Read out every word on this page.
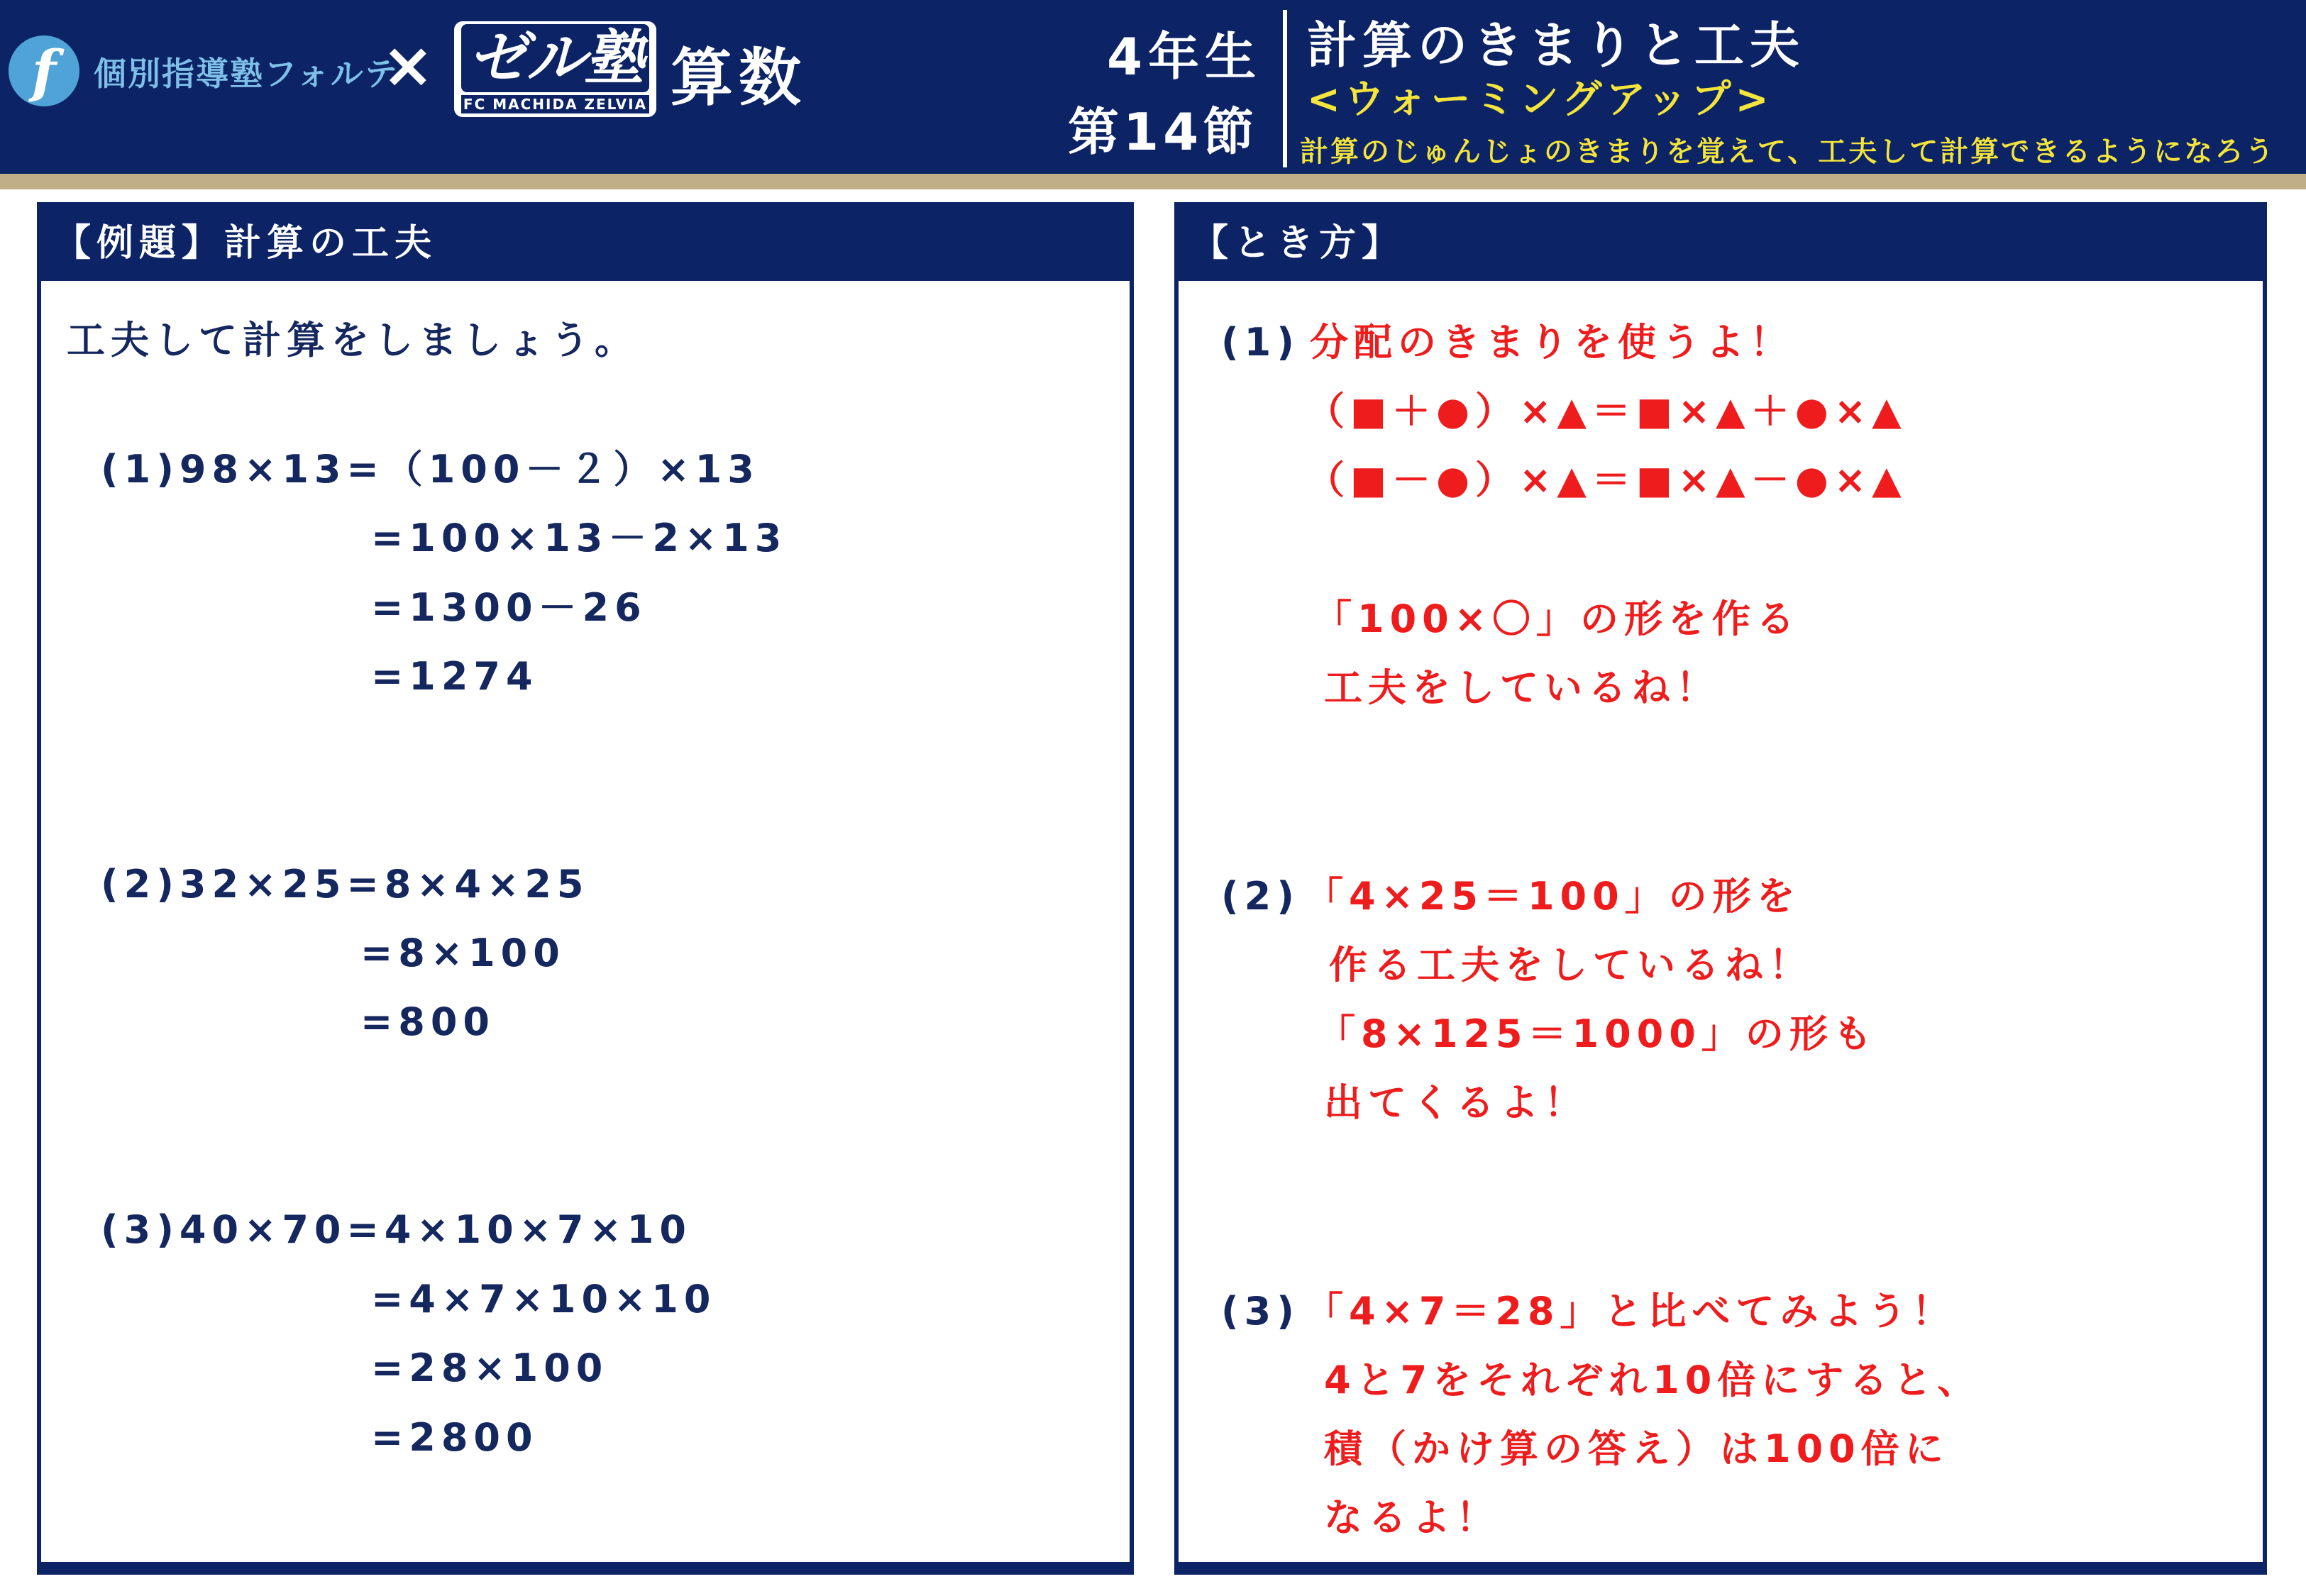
f 個別指導塾フォルテ
× ゼル塾
FC MACHIDA ZELVIA 算数	4年生
第14節
計算のきまりと工夫
<ウォーミングアップ>
計算のじゅんじょのきまりを覚えて、工夫して計算できるようになろう
【例題】計算の工夫
工夫して計算をしましょう。
(1)98×13=（100－２）×13
=100×13－2×13
=1300－26
=1274
(2)32×25=8×4×25
=8×100
=800
(3)40×70=4×10×7×10
=4×7×10×10
=28×100
=2800
【とき方】
(1) 分配のきまりを使うよ！
（■＋●）×▲＝■×▲＋●×▲
（■－●）×▲＝■×▲－●×▲
「100×〇」の形を作る
工夫をしているね！
(2) 「4×25＝100」の形を
作る工夫をしているね！
「8×125＝1000」の形も
出てくるよ！
(3) 「4×7＝28」と比べてみよう！
4と7をそれぞれ10倍にすると、
積（かけ算の答え）は100倍に
なるよ！
